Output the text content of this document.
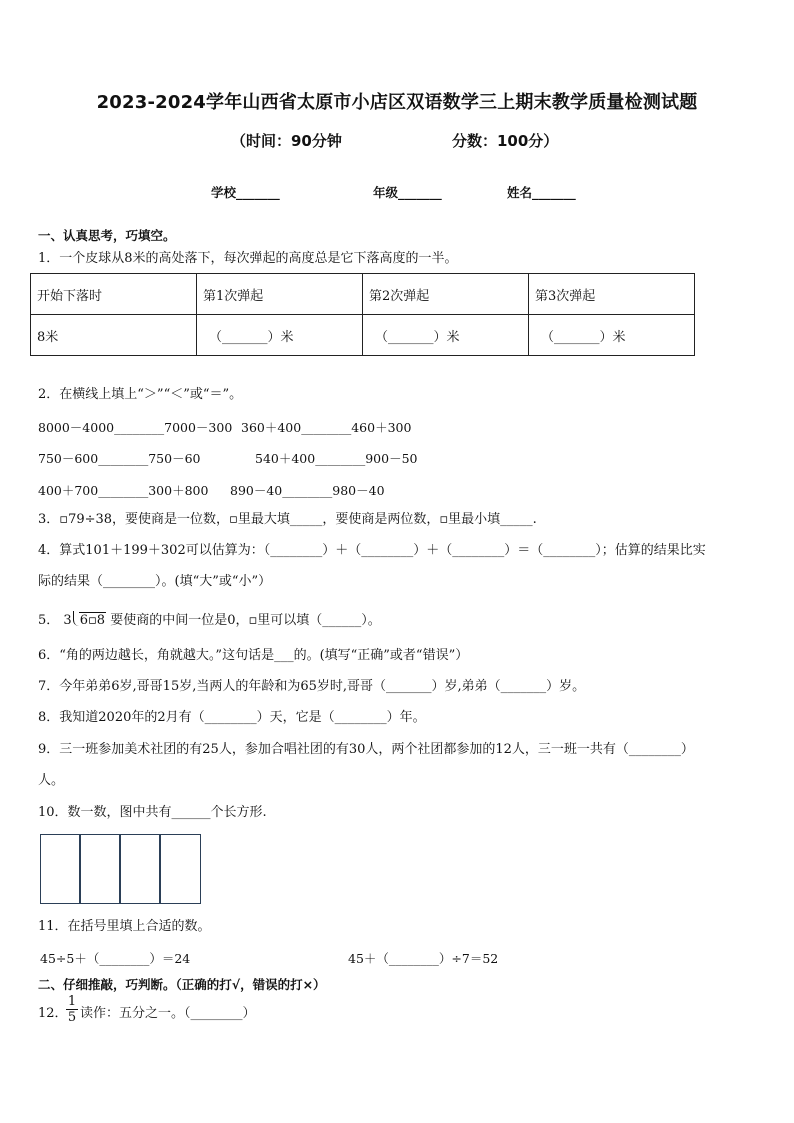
2023-2024学年山西省太原市小店区双语数学三上期末教学质量检测试题
（时间：90分钟	分数：100分）
学校_______	年级_______	姓名_______
一、认真思考，巧填空。
1．一个皮球从8米的高处落下，每次弹起的高度总是它下落高度的一半。
开始下落时	第1次弹起	第2次弹起	第3次弹起
8米	（_______）米	（_______）米	（_______）米
2．在横线上填上“＞”“＜”或“＝”。
8000－4000________7000－300 360＋400________460＋300
750－600________750－60	540＋400________900－50
400＋700________300＋800 890－40________980－40
3．▫79÷38，要使商是一位数，▫里最大填_____，要使商是两位数，▫里最小填_____.
4．算式101＋199＋302可以估算为：（________）＋（________）＋（________）＝（________）；估算的结果比实
际的结果（________）。(填“大”或“小”）
5． 3 6▫8 要使商的中间一位是0，▫里可以填（______）。
6．“角的两边越长，角就越大。”这句话是___的。(填写“正确”或者“错误”）
7．今年弟弟6岁,哥哥15岁,当两人的年龄和为65岁时,哥哥（_______）岁,弟弟（_______）岁。
8．我知道2020年的2月有（________）天，它是（________）年。
9．三一班参加美术社团的有25人，参加合唱社团的有30人，两个社团都参加的12人，三一班一共有（________）
人。
10．数一数，图中共有______个长方形.
11．在括号里填上合适的数。
45÷5＋（________）＝24	45＋（________）÷7＝52
二、仔细推敲，巧判断。（正确的打√，错误的打×）
12．
1
5 读作：五分之一。（________）
